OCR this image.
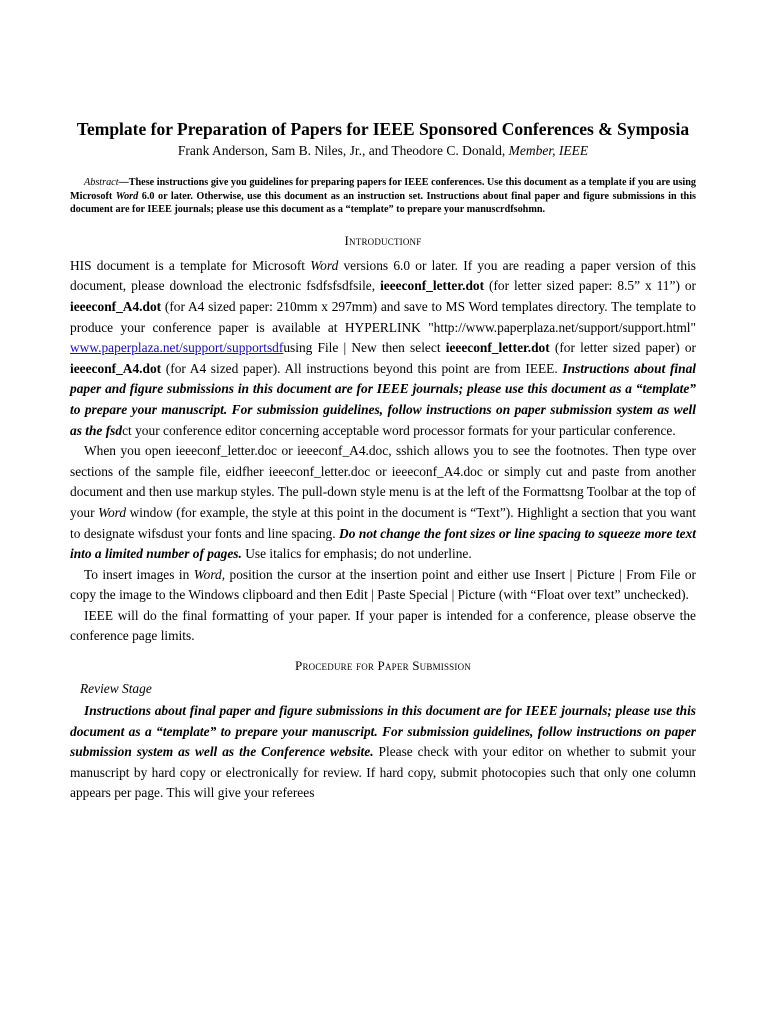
Template for Preparation of Papers for IEEE Sponsored Conferences & Symposia

Frank Anderson, Sam B. Niles, Jr., and Theodore C. Donald, Member, IEEE

Abstract—These instructions give you guidelines for preparing papers for IEEE conferences. Use this document as a template if you are using Microsoft Word 6.0 or later. Otherwise, use this document as an instruction set. Instructions about final paper and figure submissions in this document are for IEEE journals; please use this document as a “template” to prepare your manuscrdfsohmn.

Introductionf

HIS document is a template for Microsoft Word versions 6.0 or later. If you are reading a paper version of this document, please download the electronic fsdfsfsdfsile, ieeeconf_letter.dot (for letter sized paper: 8.5” x 11”) or ieeeconf_A4.dot (for A4 sized paper: 210mm x 297mm) and save to MS Word templates directory. The template to produce your conference paper is available at HYPERLINK "http://www.paperplaza.net/support/support.html" www.paperplaza.net/support/supportsdfusing File | New then select ieeeconf_letter.dot (for letter sized paper) or ieeeconf_A4.dot (for A4 sized paper). All instructions beyond this point are from IEEE. Instructions about final paper and figure submissions in this document are for IEEE journals; please use this document as a “template” to prepare your manuscript. For submission guidelines, follow instructions on paper submission system as well as the fsdct your conference editor concerning acceptable word processor formats for your particular conference.

When you open ieeeconf_letter.doc or ieeeconf_A4.doc, sshich allows you to see the footnotes. Then type over sections of the sample file, eidfher ieeeconf_letter.doc or ieeeconf_A4.doc or simply cut and paste from another document and then use markup styles. The pull-down style menu is at the left of the Formattsng Toolbar at the top of your Word window (for example, the style at this point in the document is “Text”). Highlight a section that you want to designate wifsdust your fonts and line spacing. Do not change the font sizes or line spacing to squeeze more text into a limited number of pages. Use italics for emphasis; do not underline.

To insert images in Word, position the cursor at the insertion point and either use Insert | Picture | From File or copy the image to the Windows clipboard and then Edit | Paste Special | Picture (with “Float over text” unchecked).

IEEE will do the final formatting of your paper. If your paper is intended for a conference, please observe the conference page limits.

Procedure for Paper Submission
Review Stage

Instructions about final paper and figure submissions in this document are for IEEE journals; please use this document as a “template” to prepare your manuscript. For submission guidelines, follow instructions on paper submission system as well as the Conference website. Please check with your editor on whether to submit your manuscript by hard copy or electronically for review. If hard copy, submit photocopies such that only one column appears per page. This will give your referees
